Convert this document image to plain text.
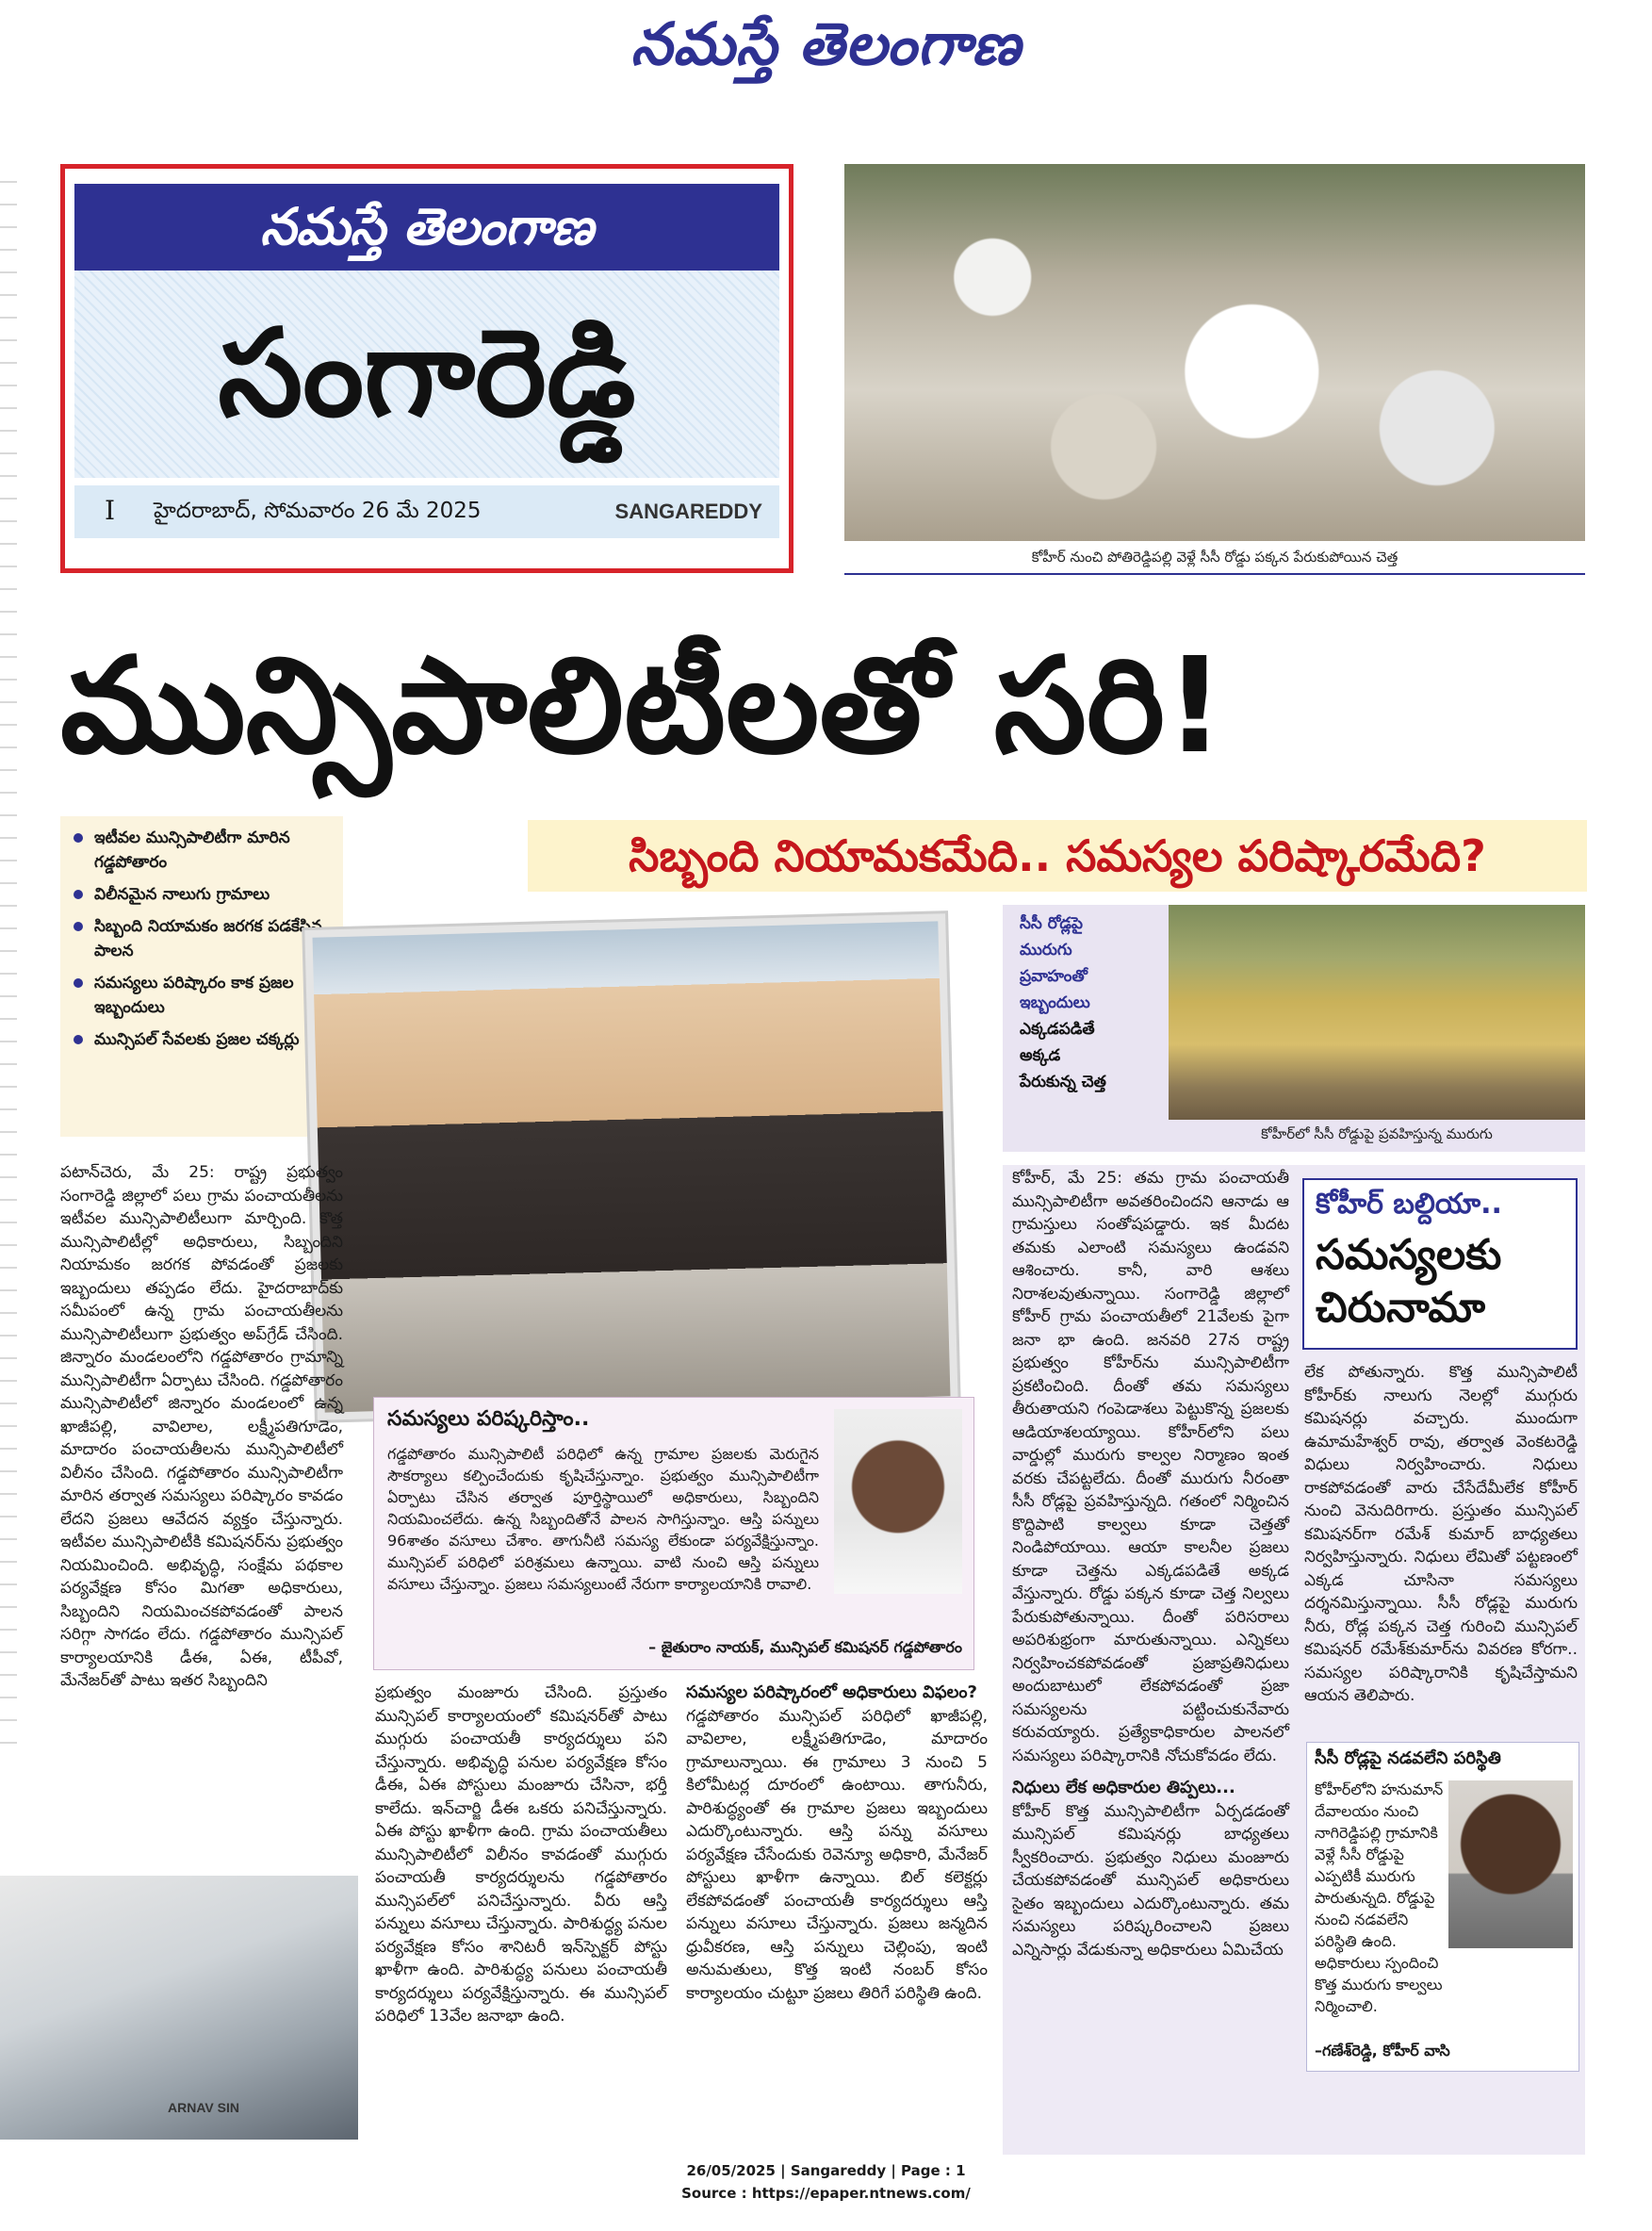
నమస్తే తెలంగాణ
నమస్తే తెలంగాణ
సంగారెడ్డి
I హైదరాబాద్, సోమవారం 26 మే 2025	SANGAREDDY
కోహీర్ నుంచి పోతిరెడ్డిపల్లి వెళ్లే సీసీ రోడ్డు పక్కన పేరుకుపోయిన చెత్త
మున్సిపాలిటీలతో సరి!
ఇటీవల మున్సిపాలిటీగా మారిన గడ్డపోతారం
విలీనమైన నాలుగు గ్రామాలు
సిబ్బంది నియామకం జరగక పడకేసిన పాలన
సమస్యలు పరిష్కారం కాక ప్రజల ఇబ్బందులు
మున్సిపల్ సేవలకు ప్రజల చక్కర్లు
సిబ్బంది నియామకమేది.. సమస్యల పరిష్కారమేది?
సీసీ రోడ్లపై
మురుగు
ప్రవాహంతో
ఇబ్బందులు
ఎక్కడపడితే
అక్కడ
పేరుకున్న చెత్త
కోహీర్‌లో సీసీ రోడ్డుపై ప్రవహిస్తున్న మురుగు

పటాన్‌చెరు, మే 25: రాష్ట్ర ప్రభుత్వం సంగారెడ్డి జిల్లాలో పలు గ్రామ పంచాయతీలను ఇటీవల మున్సిపాలిటీలుగా మార్చింది. కొత్త మున్సిపాలిటీల్లో అధికారులు, సిబ్బందిని నియామకం జరగక పోవడంతో ప్రజలకు ఇబ్బందులు తప్పడం లేదు. హైదరాబాద్‌కు సమీపంలో ఉన్న గ్రామ పంచాయతీలను మున్సిపాలిటీలుగా ప్రభుత్వం అప్‌గ్రేడ్ చేసింది. జిన్నారం మండలంలోని గడ్డపోతారం గ్రామాన్ని మున్సిపాలిటీగా ఏర్పాటు చేసింది. గడ్డపోతారం మున్సిపాలిటీలో జిన్నారం మండలంలో ఉన్న ఖాజీపల్లి, వావిలాల, లక్ష్మీపతిగూడెం, మాదారం పంచాయతీలను మున్సిపాలిటీలో విలీనం చేసింది. గడ్డపోతారం మున్సిపాలిటీగా మారిన తర్వాత సమస్యలు పరిష్కారం కావడం లేదని ప్రజలు ఆవేదన వ్యక్తం చేస్తున్నారు. ఇటీవల మున్సిపాలిటీకి కమిషనర్‌ను ప్రభుత్వం నియమించింది. అభివృద్ధి, సంక్షేమ పథకాల పర్యవేక్షణ కోసం మిగతా అధికారులు, సిబ్బందిని నియమించకపోవడంతో పాలన సరిగ్గా సాగడం లేదు. గడ్డపోతారం మున్సిపల్ కార్యాలయానికి డీఈ, ఏఈ, టీపీవో, మేనేజర్‌తో పాటు ఇతర సిబ్బందిని

సమస్యలు పరిష్కరిస్తాం..
గడ్డపోతారం మున్సిపాలిటీ పరిధిలో ఉన్న గ్రామాల ప్రజలకు మెరుగైన సౌకర్యాలు కల్పించేందుకు కృషిచేస్తున్నాం. ప్రభుత్వం మున్సిపాలిటీగా ఏర్పాటు చేసిన తర్వాత పూర్తిస్థాయిలో అధికారులు, సిబ్బందిని నియమించలేదు. ఉన్న సిబ్బందితోనే పాలన సాగిస్తున్నాం. ఆస్తి పన్నులు 96శాతం వసూలు చేశాం. తాగునీటి సమస్య లేకుండా పర్యవేక్షిస్తున్నాం. మున్సిపల్ పరిధిలో పరిశ్రమలు ఉన్నాయి. వాటి నుంచి ఆస్తి పన్నులు వసూలు చేస్తున్నాం. ప్రజలు సమస్యలుంటే నేరుగా కార్యాలయానికి రావాలి.
– జైతురాం నాయక్, మున్సిపల్ కమిషనర్ గడ్డపోతారం

ప్రభుత్వం మంజూరు చేసింది. ప్రస్తుతం మున్సిపల్ కార్యాలయంలో కమిషనర్‌తో పాటు ముగ్గురు పంచాయతీ కార్యదర్శులు పని చేస్తున్నారు. అభివృద్ధి పనుల పర్యవేక్షణ కోసం డీఈ, ఏఈ పోస్టులు మంజూరు చేసినా, భర్తీ కాలేదు. ఇన్‌చార్జి డీఈ ఒకరు పనిచేస్తున్నారు. ఏఈ పోస్టు ఖాళీగా ఉంది. గ్రామ పంచాయతీలు మున్సిపాలిటీలో విలీనం కావడంతో ముగ్గురు పంచాయతీ కార్యదర్శులను గడ్డపోతారం మున్సిపల్‌లో పనిచేస్తున్నారు. వీరు ఆస్తి పన్నులు వసూలు చేస్తున్నారు. పారిశుద్ధ్య పనుల పర్యవేక్షణ కోసం శానిటరీ ఇన్‌స్పెక్టర్ పోస్టు ఖాళీగా ఉంది. పారిశుద్ధ్య పనులు పంచాయతీ కార్యదర్శులు పర్యవేక్షిస్తున్నారు. ఈ మున్సిపల్ పరిధిలో 13వేల జనాభా ఉంది.

సమస్యల పరిష్కారంలో అధికారులు విఫలం?

గడ్డపోతారం మున్సిపల్ పరిధిలో ఖాజీపల్లి, వావిలాల, లక్ష్మీపతిగూడెం, మాదారం గ్రామాలున్నాయి. ఈ గ్రామాలు 3 నుంచి 5 కిలోమీటర్ల దూరంలో ఉంటాయి. తాగునీరు, పారిశుద్ధ్యంతో ఈ గ్రామాల ప్రజలు ఇబ్బందులు ఎదుర్కొంటున్నారు. ఆస్తి పన్ను వసూలు పర్యవేక్షణ చేసేందుకు రెవెన్యూ అధికారి, మేనేజర్ పోస్టులు ఖాళీగా ఉన్నాయి. బిల్ కలెక్టర్లు లేకపోవడంతో పంచాయతీ కార్యదర్శులు ఆస్తి పన్నులు వసూలు చేస్తున్నారు. ప్రజలు జన్మదిన ధ్రువీకరణ, ఆస్తి పన్నులు చెల్లింపు, ఇంటి అనుమతులు, కొత్త ఇంటి నంబర్ కోసం కార్యాలయం చుట్టూ ప్రజలు తిరిగే పరిస్థితి ఉంది.

ARNAV SIN

కోహీర్, మే 25: తమ గ్రామ పంచాయతీ మున్సిపాలిటీగా అవతరించిందని ఆనాడు ఆ గ్రామస్తులు సంతోషపడ్డారు. ఇక మీదట తమకు ఎలాంటి సమస్యలు ఉండవని ఆశించారు. కానీ, వారి ఆశలు నిరాశలవుతున్నాయి. సంగారెడ్డి జిల్లాలో కోహీర్ గ్రామ పంచాయతీలో 21వేలకు పైగా జనా భా ఉంది. జనవరి 27న రాష్ట్ర ప్రభుత్వం కోహీర్‌ను మున్సిపాలిటీగా ప్రకటించింది. దీంతో తమ సమస్యలు తీరుతాయని గంపెడాశలు పెట్టుకొన్న ప్రజలకు ఆడియాశలయ్యాయి. కోహీర్‌లోని పలు వార్డుల్లో మురుగు కాల్వల నిర్మాణం ఇంత వరకు చేపట్టలేదు. దీంతో మురుగు నీరంతా సీసీ రోడ్లపై ప్రవహిస్తున్నది. గతంలో నిర్మించిన కొద్దిపాటి కాల్వలు కూడా చెత్తతో నిండిపోయాయి. ఆయా కాలనీల ప్రజలు కూడా చెత్తను ఎక్కడపడితే అక్కడ వేస్తున్నారు. రోడ్డు పక్కన కూడా చెత్త నిల్వలు పేరుకుపోతున్నాయి. దీంతో పరిసరాలు అపరిశుభ్రంగా మారుతున్నాయి. ఎన్నికలు నిర్వహించకపోవడంతో ప్రజాప్రతినిధులు అందుబాటులో లేకపోవడంతో ప్రజా సమస్యలను పట్టించుకునేవారు కరువయ్యారు. ప్రత్యేకాధికారుల పాలనలో సమస్యలు పరిష్కారానికి నోచుకోవడం లేదు.

నిధులు లేక అధికారుల తిప్పలు...

కోహీర్ కొత్త మున్సిపాలిటీగా ఏర్పడడంతో మున్సిపల్ కమిషనర్లు బాధ్యతలు స్వీకరించారు. ప్రభుత్వం నిధులు మంజూరు చేయకపోవడంతో మున్సిపల్ అధికారులు సైతం ఇబ్బందులు ఎదుర్కొంటున్నారు. తమ సమస్యలు పరిష్కరించాలని ప్రజలు ఎన్నిసార్లు వేడుకున్నా అధికారులు ఏమిచేయ

కోహీర్ బల్దియా..
సమస్యలకు చిరునామా

లేక పోతున్నారు. కొత్త మున్సిపాలిటీ కోహీర్‌కు నాలుగు నెలల్లో ముగ్గురు కమిషనర్లు వచ్చారు. ముందుగా ఉమామహేశ్వర్ రావు, తర్వాత వెంకటరెడ్డి విధులు నిర్వహించారు. నిధులు రాకపోవడంతో వారు చేసేదేమీలేక కోహీర్ నుంచి వెనుదిరిగారు. ప్రస్తుతం మున్సిపల్ కమిషనర్‌గా రమేశ్ కుమార్ బాధ్యతలు నిర్వహిస్తున్నారు. నిధులు లేమితో పట్టణంలో ఎక్కడ చూసినా సమస్యలు దర్శనమిస్తున్నాయి. సీసీ రోడ్లపై మురుగు నీరు, రోడ్ల పక్కన చెత్త గురించి మున్సిపల్ కమిషనర్ రమేశ్‌కుమార్‌ను వివరణ కోరగా.. సమస్యల పరిష్కారానికి కృషిచేస్తామని ఆయన తెలిపారు.

సీసీ రోడ్లపై నడవలేని పరిస్థితి
కోహీర్‌లోని హనుమాన్ దేవాలయం నుంచి నాగిరెడ్డిపల్లి గ్రామానికి వెళ్లే సీసీ రోడ్డుపై ఎప్పటికీ మురుగు పారుతున్నది. రోడ్డుపై నుంచి నడవలేని పరిస్థితి ఉంది. అధికారులు స్పందించి కొత్త మురుగు కాల్వలు నిర్మించాలి.
–గణేశ్‌రెడ్డి, కోహీర్ వాసి
26/05/2025 | Sangareddy | Page : 1
Source : https://epaper.ntnews.com/
